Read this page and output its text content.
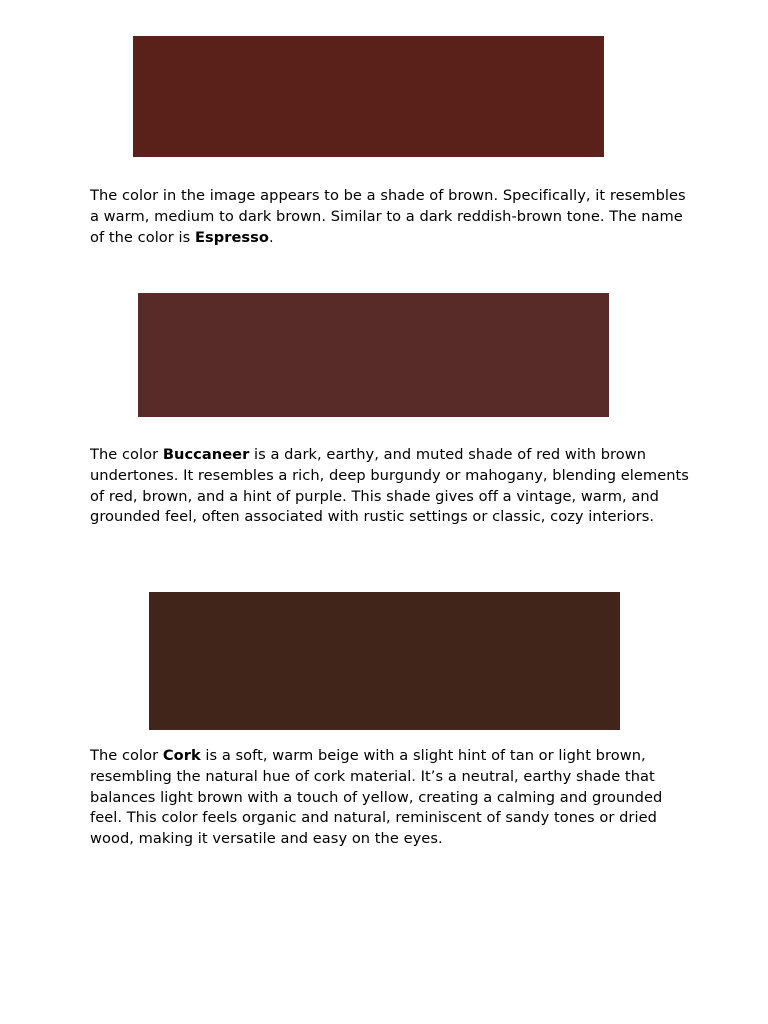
The color in the image appears to be a shade of brown. Specifically, it resembles a warm, medium to dark brown. Similar to a dark reddish-brown tone. The name of the color is Espresso.

The color Buccaneer is a dark, earthy, and muted shade of red with brown undertones. It resembles a rich, deep burgundy or mahogany, blending elements of red, brown, and a hint of purple. This shade gives off a vintage, warm, and grounded feel, often associated with rustic settings or classic, cozy interiors.

The color Cork is a soft, warm beige with a slight hint of tan or light brown, resembling the natural hue of cork material. It’s a neutral, earthy shade that balances light brown with a touch of yellow, creating a calming and grounded feel. This color feels organic and natural, reminiscent of sandy tones or dried wood, making it versatile and easy on the eyes.
